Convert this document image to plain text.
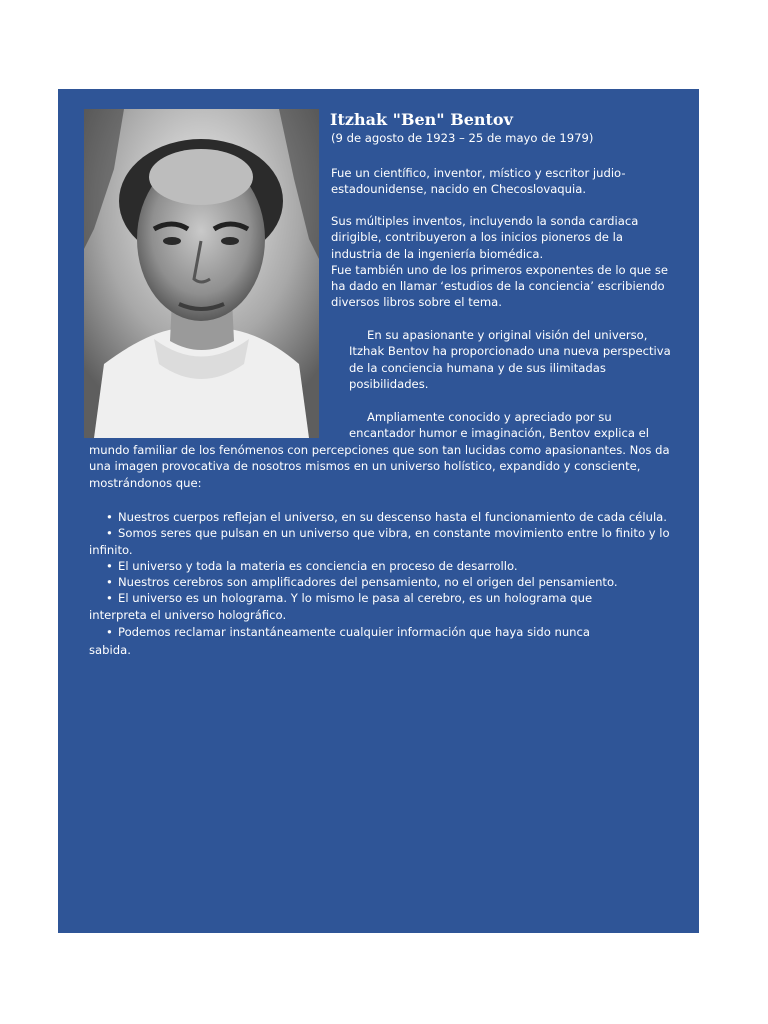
Itzhak "Ben" Bentov
(9 de agosto de 1923 – 25 de mayo de 1979)
Fue un científico, inventor, místico y escritor judio-
estadounidense, nacido en Checoslovaquia.
Sus múltiples inventos, incluyendo la sonda cardiaca
dirigible, contribuyeron a los inicios pioneros de la
industria de la ingeniería biomédica.
Fue también uno de los primeros exponentes de lo que se
ha dado en llamar ‘estudios de la conciencia’ escribiendo
diversos libros sobre el tema.
En su apasionante y original visión del universo,
Itzhak Bentov ha proporcionado una nueva perspectiva
de la conciencia humana y de sus ilimitadas
posibilidades.
Ampliamente conocido y apreciado por su
encantador humor e imaginación, Bentov explica el
mundo familiar de los fenómenos con percepciones que son tan lucidas como apasionantes. Nos da
una imagen provocativa de nosotros mismos en un universo holístico, expandido y consciente,
mostrándonos que:
• Nuestros cuerpos reflejan el universo, en su descenso hasta el funcionamiento de cada célula.
• Somos seres que pulsan en un universo que vibra, en constante movimiento entre lo finito y lo
infinito.
• El universo y toda la materia es conciencia en proceso de desarrollo.
• Nuestros cerebros son amplificadores del pensamiento, no el origen del pensamiento.
• El universo es un holograma. Y lo mismo le pasa al cerebro, es un holograma que
interpreta el universo holográfico.
• Podemos reclamar instantáneamente cualquier información que haya sido nunca
sabida.
